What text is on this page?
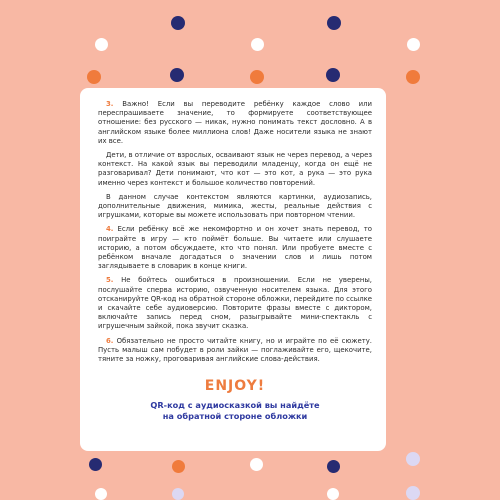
3. Важно! Если вы переводите ребёнку каждое слово или переспрашиваете значение, то формируете соответствующее отношение: без русского — никак, нужно понимать текст дословно. А в английском языке более миллиона слов! Даже носители языка не знают их все.

Дети, в отличие от взрослых, осваивают язык не через перевод, а через контекст. На какой язык вы переводили младенцу, когда он ещё не разговаривал? Дети понимают, что кот — это кот, а рука — это рука именно через контекст и большое количество повторений.

В данном случае контекстом являются картинки, аудиозапись, дополнительные движения, мимика, жесты, реальные действия с игрушками, которые вы можете использовать при повторном чтении.

4. Если ребёнку всё же некомфортно и он хочет знать перевод, то поиграйте в игру — кто поймёт больше. Вы читаете или слушаете историю, а потом обсуждаете, кто что понял. Или пробуете вместе с ребёнком вначале догадаться о значении слов и лишь потом заглядываете в словарик в конце книги.

5. Не бойтесь ошибиться в произношении. Если не уверены, послушайте сперва историю, озвученную носителем языка. Для этого отсканируйте QR-код на обратной стороне обложки, перейдите по ссылке и скачайте себе аудиоверсию. Повторите фразы вместе с диктором, включайте запись перед сном, разыгрывайте мини-спектакль с игрушечным зайкой, пока звучит сказка.

6. Обязательно не просто читайте книгу, но и играйте по её сюжету. Пусть малыш сам побудет в роли зайки — поглаживайте его, щекочите, тяните за ножку, проговаривая английские слова-действия.

ENJOY!

QR-код с аудиосказкой вы найдёте

на обратной стороне обложки
